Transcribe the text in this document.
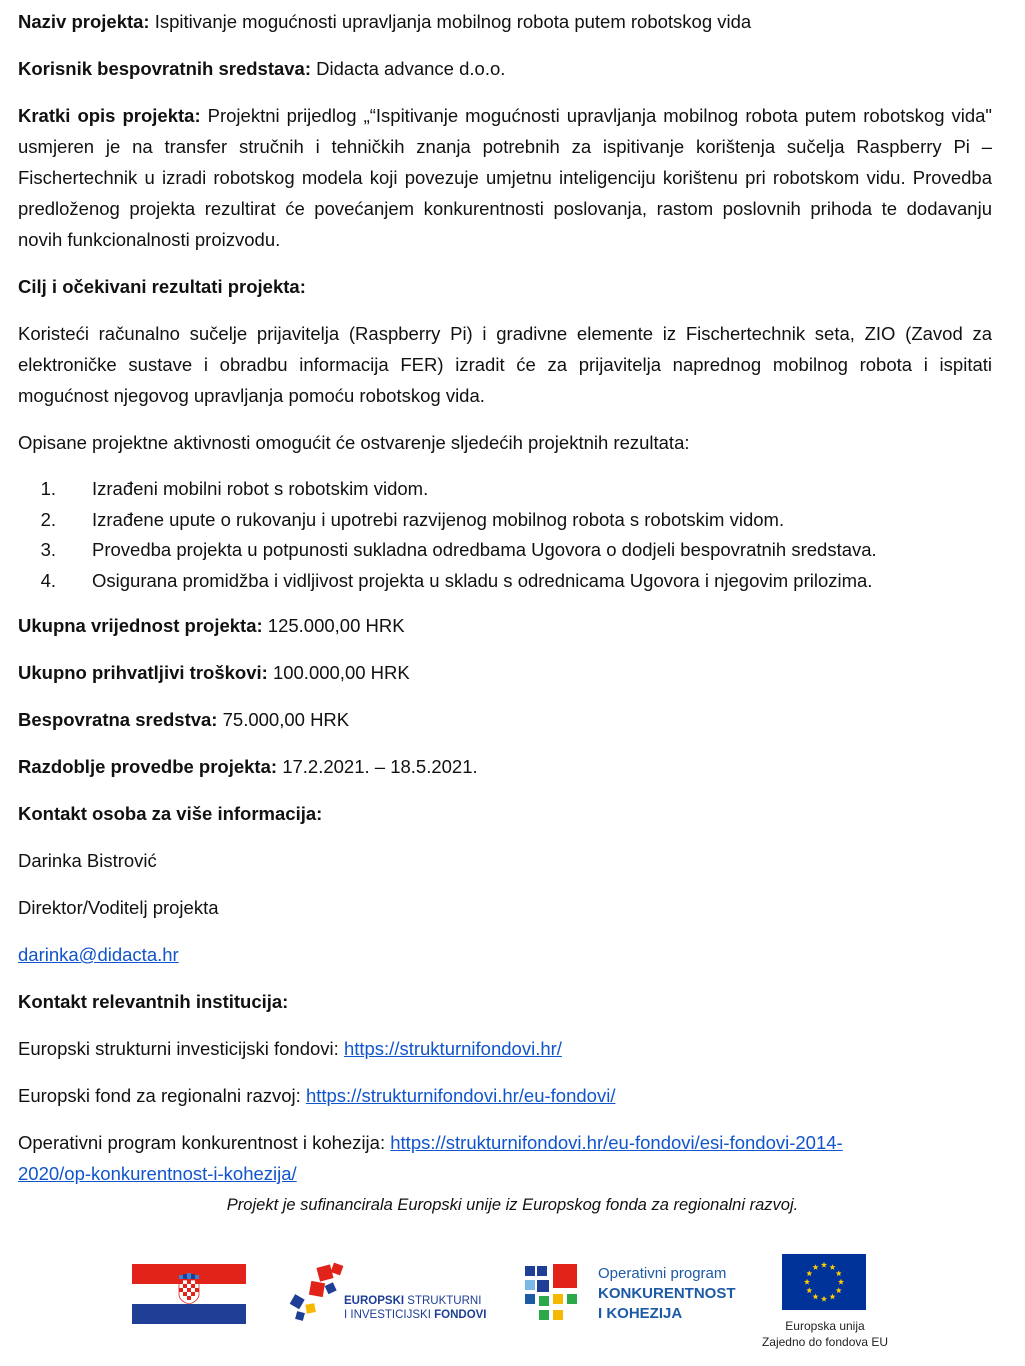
Naziv projekta: Ispitivanje mogućnosti upravljanja mobilnog robota putem robotskog vida

Korisnik bespovratnih sredstava: Didacta advance d.o.o.

Kratki opis projekta: Projektni prijedlog „“Ispitivanje mogućnosti upravljanja mobilnog robota putem robotskog vida" usmjeren je na transfer stručnih i tehničkih znanja potrebnih za ispitivanje korištenja sučelja Raspberry Pi – Fischertechnik u izradi robotskog modela koji povezuje umjetnu inteligenciju korištenu pri robotskom vidu. Provedba predloženog projekta rezultirat će povećanjem konkurentnosti poslovanja, rastom poslovnih prihoda te dodavanju novih funkcionalnosti proizvodu.

Cilj i očekivani rezultati projekta:

Koristeći računalno sučelje prijavitelja (Raspberry Pi) i gradivne elemente iz Fischertechnik seta, ZIO (Zavod za elektroničke sustave i obradbu informacija FER) izradit će za prijavitelja naprednog mobilnog robota i ispitati mogućnost njegovog upravljanja pomoću robotskog vida.

Opisane projektne aktivnosti omogućit će ostvarenje sljedećih projektnih rezultata:

1.	Izrađeni mobilni robot s robotskim vidom.
2.	Izrađene upute o rukovanju i upotrebi razvijenog mobilnog robota s robotskim vidom.
3.	Provedba projekta u potpunosti sukladna odredbama Ugovora o dodjeli bespovratnih sredstava.
4.	Osigurana promidžba i vidljivost projekta u skladu s odrednicama Ugovora i njegovim prilozima.

Ukupna vrijednost projekta: 125.000,00 HRK

Ukupno prihvatljivi troškovi: 100.000,00 HRK

Bespovratna sredstva: 75.000,00 HRK

Razdoblje provedbe projekta: 17.2.2021. – 18.5.2021.

Kontakt osoba za više informacija:

Darinka Bistrović

Direktor/Voditelj projekta

darinka@didacta.hr

Kontakt relevantnih institucija:

Europski strukturni investicijski fondovi: https://strukturnifondovi.hr/

Europski fond za regionalni razvoj: https://strukturnifondovi.hr/eu-fondovi/

Operativni program konkurentnost i kohezija: https://strukturnifondovi.hr/eu-fondovi/esi-fondovi-2014-
2020/op-konkurentnost-i-kohezija/

Projekt je sufinancirala Europski unije iz Europskog fonda za regionalni razvoj.
EUROPSKI STRUKTURNI
I INVESTICIJSKI FONDOVI
Operativni program
KONKURENTNOST
I KOHEZIJA
Europska unija
Zajedno do fondova EU
